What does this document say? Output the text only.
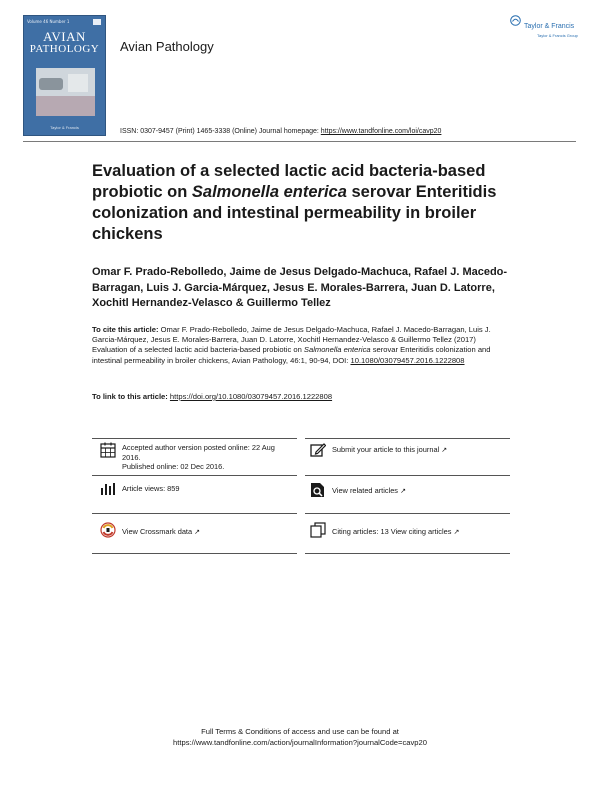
Volume 46 Number 1
AVIAN
PATHOLOGY
Taylor & Francis
Avian Pathology
Taylor & Francis
Taylor & Francis Group
ISSN: 0307-9457 (Print) 1465-3338 (Online) Journal homepage: https://www.tandfonline.com/loi/cavp20
Evaluation of a selected lactic acid bacteria-based probiotic on Salmonella enterica serovar Enteritidis colonization and intestinal permeability in broiler chickens
Omar F. Prado-Rebolledo, Jaime de Jesus Delgado-Machuca, Rafael J. Macedo-Barragan, Luis J. Garcia-Márquez, Jesus E. Morales-Barrera, Juan D. Latorre, Xochitl Hernandez-Velasco & Guillermo Tellez
To cite this article: Omar F. Prado-Rebolledo, Jaime de Jesus Delgado-Machuca, Rafael J. Macedo-Barragan, Luis J. Garcia-Márquez, Jesus E. Morales-Barrera, Juan D. Latorre, Xochitl Hernandez-Velasco & Guillermo Tellez (2017) Evaluation of a selected lactic acid bacteria-based probiotic on Salmonella enterica serovar Enteritidis colonization and intestinal permeability in broiler chickens, Avian Pathology, 46:1, 90-94, DOI: 10.1080/03079457.2016.1222808
To link to this article: https://doi.org/10.1080/03079457.2016.1222808
Accepted author version posted online: 22 Aug 2016.
Published online: 02 Dec 2016.
Submit your article to this journal ↗
Article views: 859	View related articles ↗
View Crossmark data ↗	Citing articles: 13 View citing articles ↗
Full Terms & Conditions of access and use can be found at
https://www.tandfonline.com/action/journalInformation?journalCode=cavp20
